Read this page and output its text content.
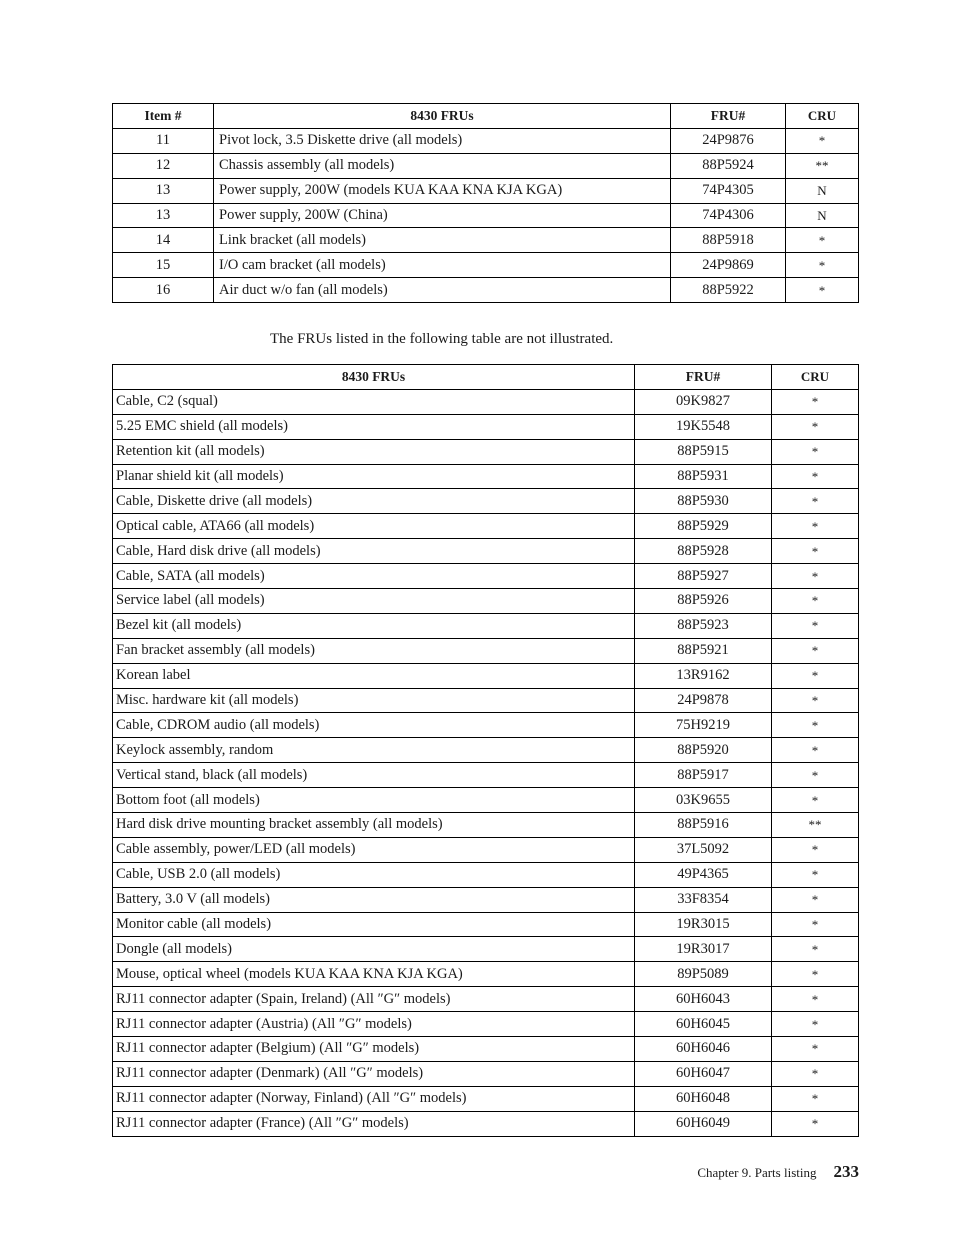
Item #	8430 FRUs	FRU#	CRU
11	Pivot lock, 3.5 Diskette drive (all models)	24P9876	*
12	Chassis assembly (all models)	88P5924	**
13	Power supply, 200W (models KUA KAA KNA KJA KGA)	74P4305	N
13	Power supply, 200W (China)	74P4306	N
14	Link bracket (all models)	88P5918	*
15	I/O cam bracket (all models)	24P9869	*
16	Air duct w/o fan (all models)	88P5922	*
The FRUs listed in the following table are not illustrated.
8430 FRUs	FRU#	CRU
Cable, C2 (squal)	09K9827	*
5.25 EMC shield (all models)	19K5548	*
Retention kit (all models)	88P5915	*
Planar shield kit (all models)	88P5931	*
Cable, Diskette drive (all models)	88P5930	*
Optical cable, ATA66 (all models)	88P5929	*
Cable, Hard disk drive (all models)	88P5928	*
Cable, SATA (all models)	88P5927	*
Service label (all models)	88P5926	*
Bezel kit (all models)	88P5923	*
Fan bracket assembly (all models)	88P5921	*
Korean label	13R9162	*
Misc. hardware kit (all models)	24P9878	*
Cable, CDROM audio (all models)	75H9219	*
Keylock assembly, random	88P5920	*
Vertical stand, black (all models)	88P5917	*
Bottom foot (all models)	03K9655	*
Hard disk drive mounting bracket assembly (all models)	88P5916	**
Cable assembly, power/LED (all models)	37L5092	*
Cable, USB 2.0 (all models)	49P4365	*
Battery, 3.0 V (all models)	33F8354	*
Monitor cable (all models)	19R3015	*
Dongle (all models)	19R3017	*
Mouse, optical wheel (models KUA KAA KNA KJA KGA)	89P5089	*
RJ11 connector adapter (Spain, Ireland) (All ″G″ models)	60H6043	*
RJ11 connector adapter (Austria) (All ″G″ models)	60H6045	*
RJ11 connector adapter (Belgium) (All ″G″ models)	60H6046	*
RJ11 connector adapter (Denmark) (All ″G″ models)	60H6047	*
RJ11 connector adapter (Norway, Finland) (All ″G″ models)	60H6048	*
RJ11 connector adapter (France) (All ″G″ models)	60H6049	*
Chapter 9. Parts listing 233
